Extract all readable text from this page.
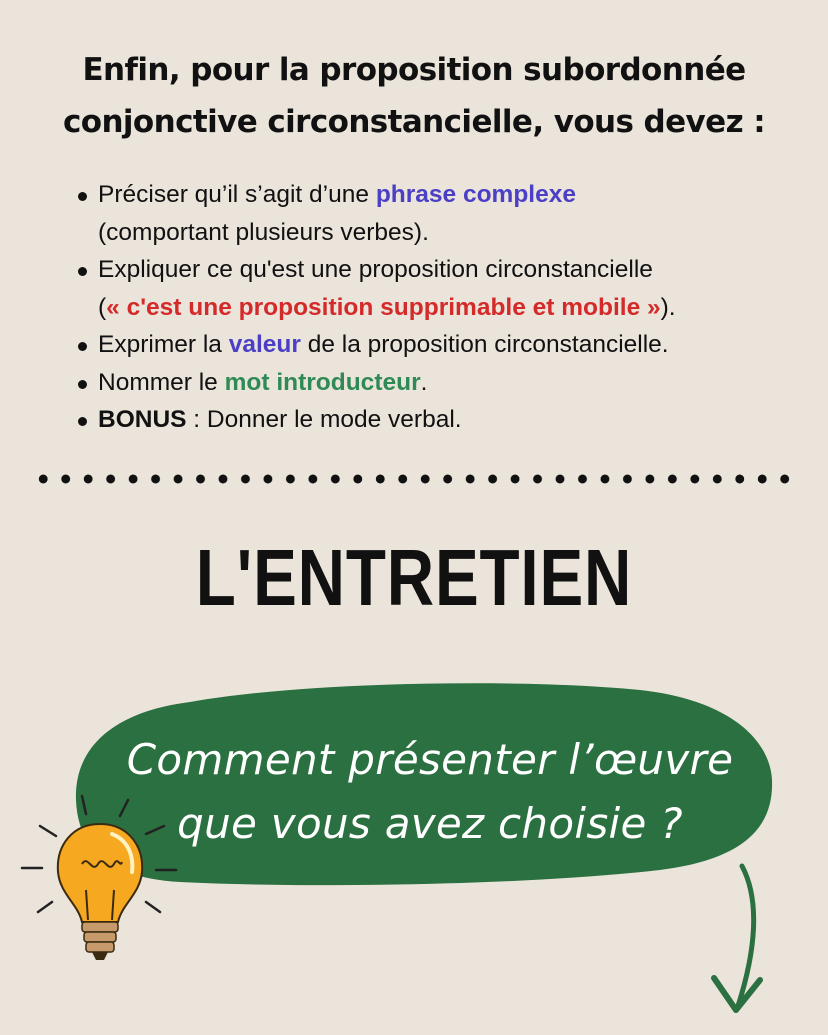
Enfin, pour la proposition subordonnée
conjonctive circonstancielle, vous devez :
Préciser qu’il s’agit d’une phrase complexe
(comportant plusieurs verbes).
Expliquer ce qu'est une proposition circonstancielle
(« c'est une proposition supprimable et mobile »).
Exprimer la valeur de la proposition circonstancielle.
Nommer le mot introducteur.
BONUS : Donner le mode verbal.
L'ENTRETIEN
Comment présenter l’œuvre
que vous avez choisie ?
